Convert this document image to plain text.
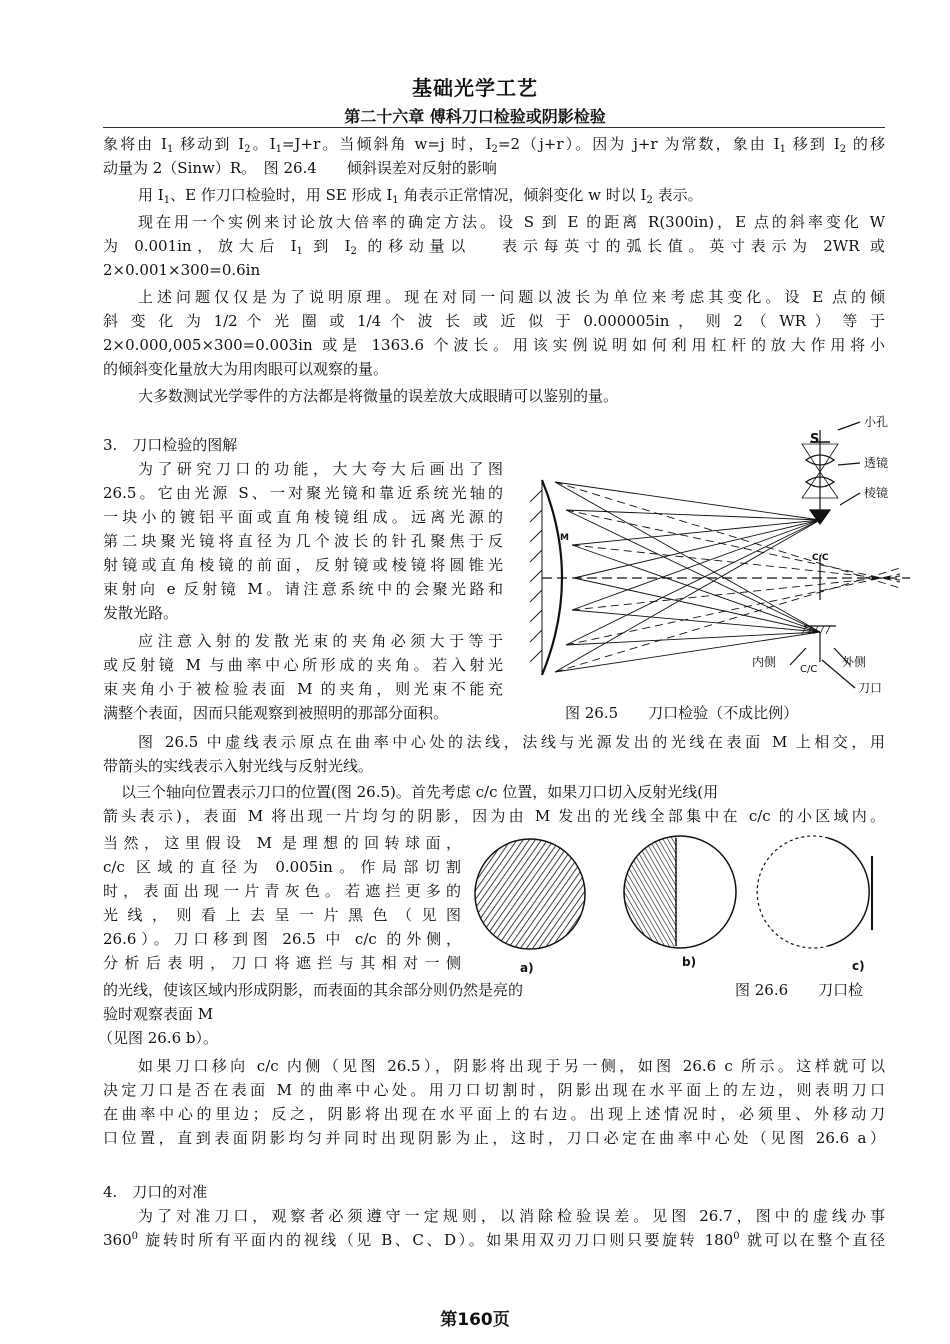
基础光学工艺
第二十六章 傅科刀口检验或阴影检验
象将由 $I_1$ 移动到 $I_2$。$I_1=J+r$。当倾斜角 w=j 时，$I_2=2(j+r)$。因为 j+r 为常数，象由 $I_1$ 移到 $I_2$ 的移
动量为 2（Sinw）R。　图 26.4　　倾斜误差对反射的影响
用 $I_1$、E 作刀口检验时，用 SE 形成 $I_1$ 角表示正常情况，倾斜变化 w 时以 $I_2$ 表示。
现在用一个实例来讨论放大倍率的确定方法。设 S 到 E 的距离 R(300in)，E 点的斜率变化 W
为 0.001in，放大后 $I_1$ 到 $I_2$ 的移动量以　 表示每英寸的弧长值。英寸表示为 2WR 或
2×0.001×300=0.6in
上述问题仅仅是为了说明原理。现在对同一问题以波长为单位来考虑其变化。设 E 点的倾
斜 变 化 为 1/2 个 光 圈 或 1/4 个 波 长 或 近 似 于 0.000005in ， 则 2 （ WR ） 等 于
2×0.000,005×300=0.003in 或是 1363.6 个波长。用该实例说明如何利用杠杆的放大作用将小
的倾斜变化量放大为用肉眼可以观察的量。
大多数测试光学零件的方法都是将微量的误差放大成眼睛可以鉴别的量。
3.　刀口检验的图解
为了研究刀口的功能，大大夸大后画出了图
26.5。它由光源 S、一对聚光镜和靠近系统光轴的
一块小的镀铝平面或直角棱镜组成。远离光源的
第二块聚光镜将直径为几个波长的针孔聚焦于反
射镜或直角棱镜的前面，反射镜或棱镜将圆锥光
束射向 e 反射镜 M。请注意系统中的会聚光路和
发散光路。
应注意入射的发散光束的夹角必须大于等于
或反射镜 M 与曲率中心所形成的夹角。若入射光
束夹角小于被检验表面 M 的夹角，则光束不能充
满整个表面，因而只能观察到被照明的那部分面积。	图 26.5　　刀口检验（不成比例）
小孔
透镜
棱镜
S
C/C
M
内侧
C/C
外侧
刀口
图 26.5 中虚线表示原点在曲率中心处的法线，法线与光源发出的光线在表面 M 上相交，用
带箭头的实线表示入射光线与反射光线。
以三个轴向位置表示刀口的位置(图 26.5)。首先考虑 c/c 位置，如果刀口切入反射光线(用
箭头表示)，表面 M 将出现一片均匀的阴影，因为由 M 发出的光线全部集中在 c/c 的小区域内。
当然，这里假设 M 是理想的回转球面，
c/c 区域的直径为 0.005in。作局部切割
时，表面出现一片青灰色。若遮拦更多的
光线，则看上去呈一片黑色（见图
26.6）。刀口移到图 26.5 中 c/c 的外侧，
分析后表明，刀口将遮拦与其相对一侧
的光线，使该区域内形成阴影，而表面的其余部分则仍然是亮的	图 26.6　　刀口检
验时观察表面 M
（见图 26.6 b）。
a)	b)	c)
如果刀口移向 c/c 内侧（见图 26.5），阴影将出现于另一侧，如图 26.6 c 所示。这样就可以
决定刀口是否在表面 M 的曲率中心处。用刀口切割时，阴影出现在水平面上的左边，则表明刀口
在曲率中心的里边；反之，阴影将出现在水平面上的右边。出现上述情况时，必须里、外移动刀
口位置，直到表面阴影均匀并同时出现阴影为止，这时，刀口必定在曲率中心处（见图 26.6 a）
4.　刀口的对准
为了对准刀口，观察者必须遵守一定规则，以消除检验误差。见图 26.7，图中的虚线办事
$360^0$ 旋转时所有平面内的视线（见 B、C、D）。如果用双刃刀口则只要旋转 $180^0$ 就可以在整个直径
第160页
